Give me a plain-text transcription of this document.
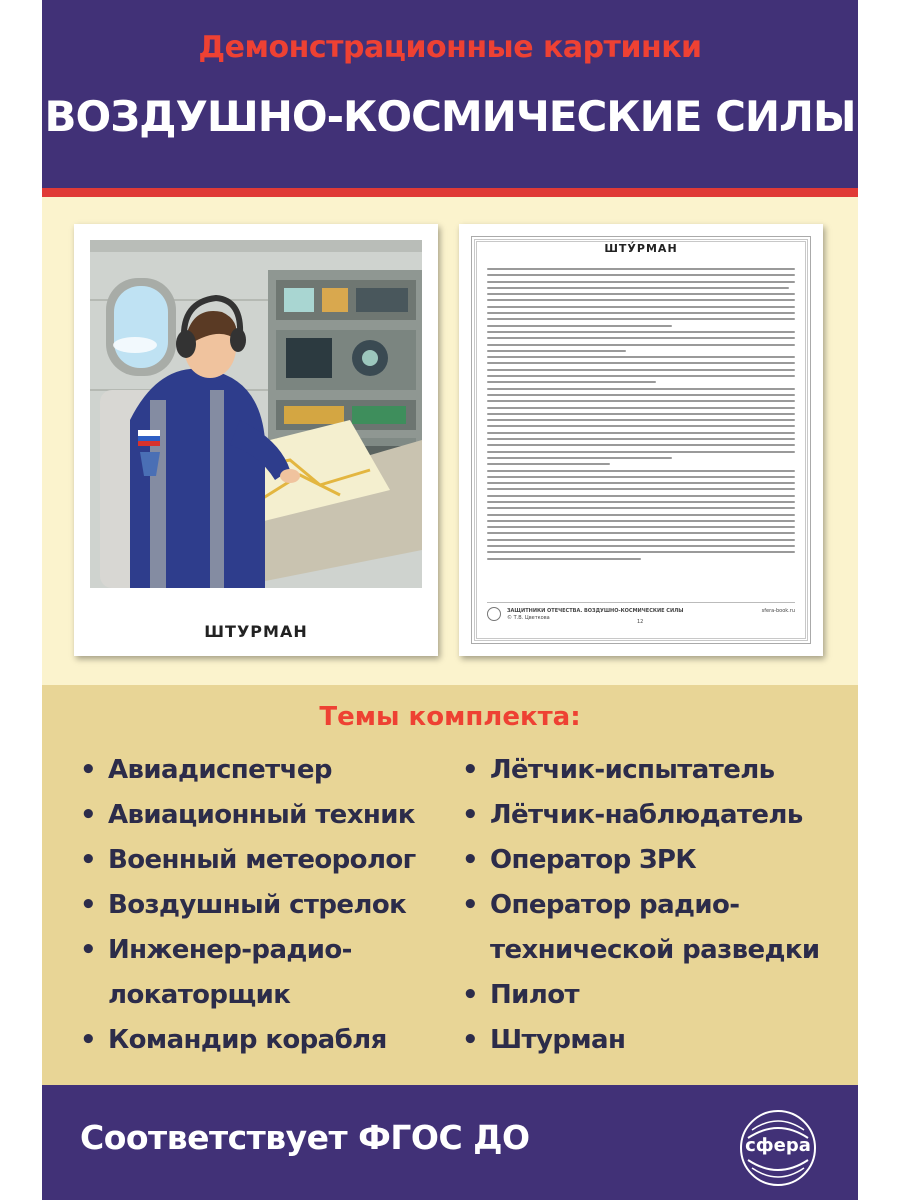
Демонстрационные картинки
ВОЗДУШНО-КОСМИЧЕСКИЕ СИЛЫ
ШТУРМАН
ШТУ́РМАН
ЗАЩИТНИКИ ОТЕЧЕСТВА. ВОЗДУШНО-КОСМИЧЕСКИЕ СИЛЫ	sfera-book.ru
© Т.В. Цветкова
12
Темы комплекта:
• Авиадиспетчер
• Авиационный техник
• Военный метеоролог
• Воздушный стрелок
• Инженер-радио-
локаторщик
• Командир корабля
• Лётчик-испытатель
• Лётчик-наблюдатель
• Оператор ЗРК
• Оператор радио-
технической разведки
• Пилот
• Штурман
Соответствует ФГОС ДО	сфера
